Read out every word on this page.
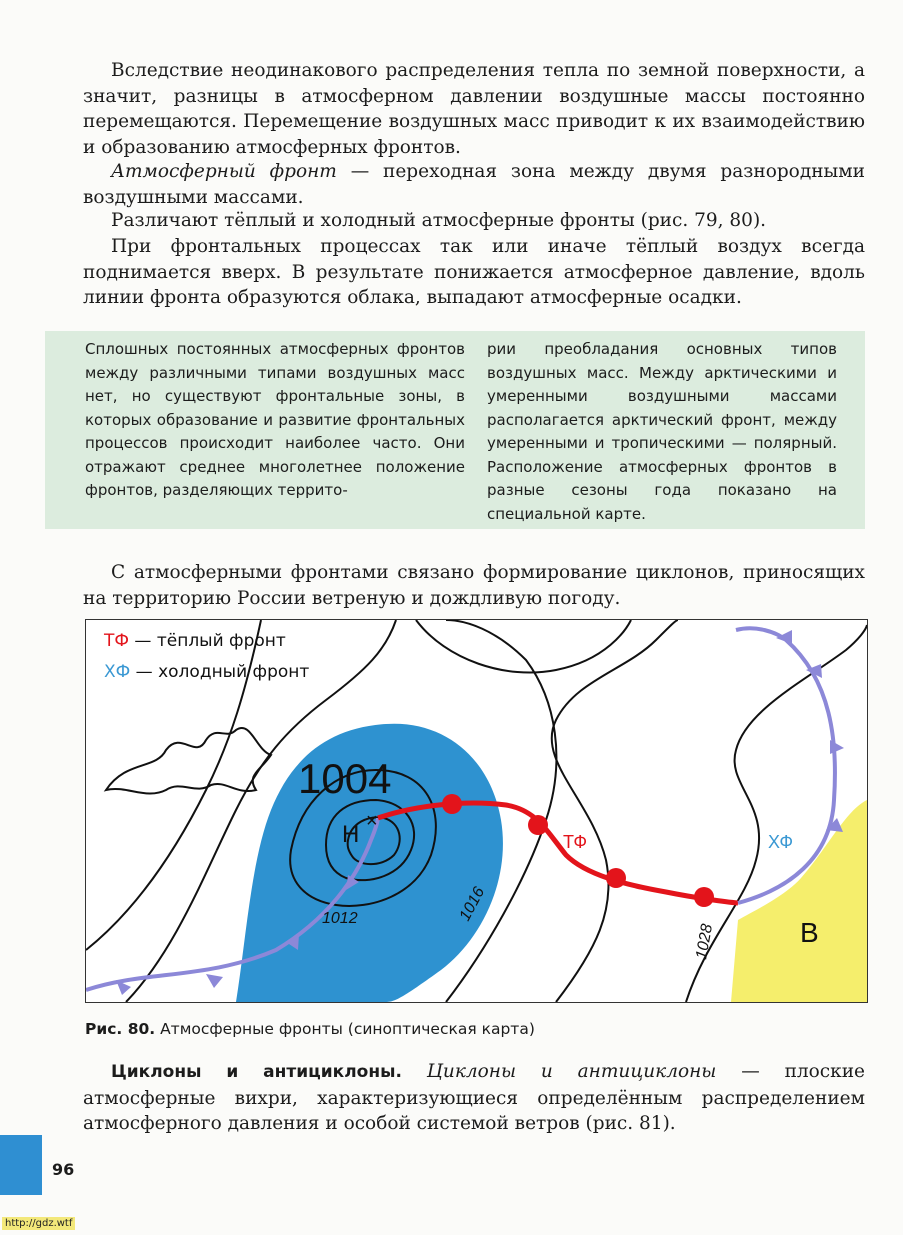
Вследствие неодинакового распределения тепла по земной поверхности, а значит, разницы в атмосферном давлении воздушные массы постоянно перемещаются. Перемещение воздушных масс приводит к их взаимодействию и образованию атмосферных фронтов.
Атмосферный фронт — переходная зона между двумя разнородными воздушными массами.
Различают тёплый и холодный атмосферные фронты (рис. 79, 80).
При фронтальных процессах так или иначе тёплый воздух всегда поднимается вверх. В результате понижается атмосферное давление, вдоль линии фронта образуются облака, выпадают атмосферные осадки.
Сплошных постоянных атмосферных фронтов между различными типами воздушных масс нет, но существуют фронтальные зоны, в которых образование и развитие фронтальных процессов происходит наиболее часто. Они отражают среднее многолетнее положение фронтов, разделяющих террито-
рии преобладания основных типов воздушных масс. Между арктическими и умеренными воздушными массами располагается арктический фронт, между умеренными и тропическими — полярный. Расположение атмосферных фронтов в разные сезоны года показано на специальной карте.
С атмосферными фронтами связано формирование циклонов, приносящих на территорию России ветреную и дождливую погоду.
1004
Н ×
1012	1016
1028
ТФ	ХФ
В
ТФ — тёплый фронт
ХФ — холодный фронт
Рис. 80. Атмосферные фронты (синоптическая карта)
Циклоны и антициклоны. Циклоны и антициклоны — плоские атмосферные вихри, характеризующиеся определённым распределением атмосферного давления и особой системой ветров (рис. 81).
96
http://gdz.wtf
